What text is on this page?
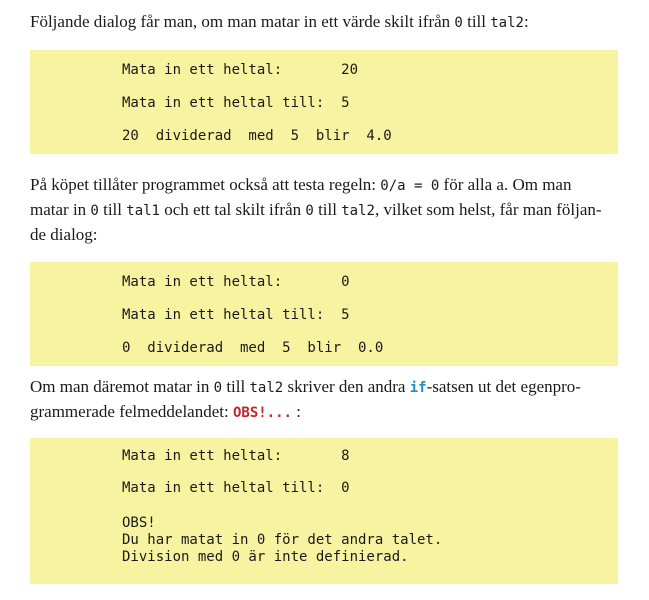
Följande dialog får man, om man matar in ett värde skilt ifrån 0 till tal2:

Mata in ett heltal:       20
Mata in ett heltal till:  5
20  dividerad  med  5  blir  4.0

På köpet tillåter programmet också att testa regeln: 0/a = 0 för alla a. Om man
matar in 0 till tal1 och ett tal skilt ifrån 0 till tal2, vilket som helst, får man följan-
de dialog:

Mata in ett heltal:       0
Mata in ett heltal till:  5
0  dividerad  med  5  blir  0.0

Om man däremot matar in 0 till tal2 skriver den andra if-satsen ut det egenpro-
grammerade felmeddelandet: OBS!... :

Mata in ett heltal:       8
Mata in ett heltal till:  0
OBS!
Du har matat in 0 för det andra talet.
Division med 0 är inte definierad.
